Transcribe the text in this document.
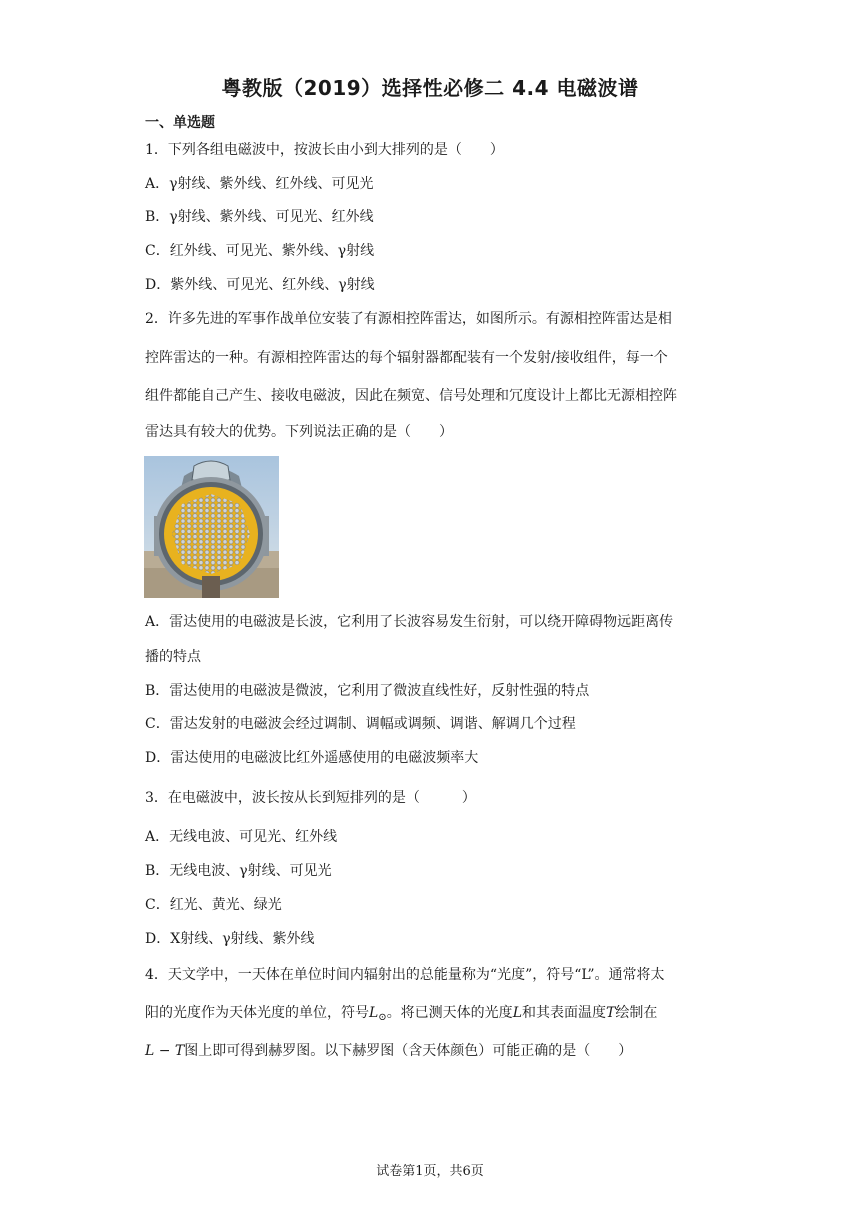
粤教版（2019）选择性必修二 4.4 电磁波谱
一、单选题
1．下列各组电磁波中，按波长由小到大排列的是（　　）
A．γ射线、紫外线、红外线、可见光
B．γ射线、紫外线、可见光、红外线
C．红外线、可见光、紫外线、γ射线
D．紫外线、可见光、红外线、γ射线
2．许多先进的军事作战单位安装了有源相控阵雷达，如图所示。有源相控阵雷达是相
控阵雷达的一种。有源相控阵雷达的每个辐射器都配装有一个发射/接收组件，每一个
组件都能自己产生、接收电磁波，因此在频宽、信号处理和冗度设计上都比无源相控阵
雷达具有较大的优势。下列说法正确的是（　　）
A．雷达使用的电磁波是长波，它利用了长波容易发生衍射，可以绕开障碍物远距离传
播的特点
B．雷达使用的电磁波是微波，它利用了微波直线性好，反射性强的特点
C．雷达发射的电磁波会经过调制、调幅或调频、调谐、解调几个过程
D．雷达使用的电磁波比红外遥感使用的电磁波频率大
3．在电磁波中，波长按从长到短排列的是（　　　）
A．无线电波、可见光、红外线
B．无线电波、γ射线、可见光
C．红光、黄光、绿光
D．X射线、γ射线、紫外线
4．天文学中，一天体在单位时间内辐射出的总能量称为“光度”，符号“L”。通常将太
阳的光度作为天体光度的单位，符号$L_⊙$。将已测天体的光度L和其表面温度T绘制在
L − T图上即可得到赫罗图。以下赫罗图（含天体颜色）可能正确的是（　　）
试卷第1页，共6页
